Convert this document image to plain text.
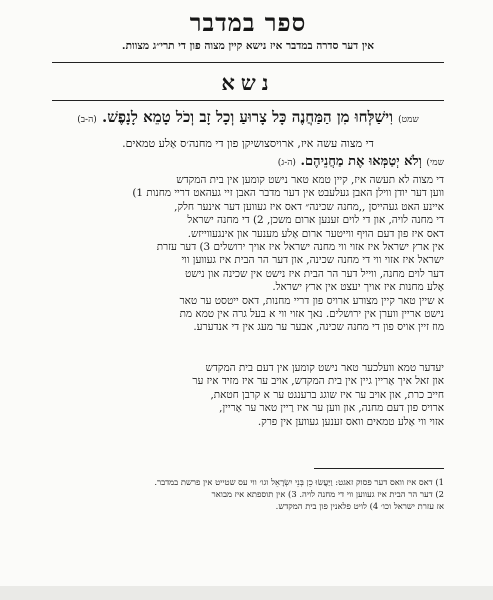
ספר במדבר
אין דער סדרה במדבר איז נישא קיין מצוה פון די תרי״ג מצוות.
נשא
שמט) וִישַׁלְּחוּ מִן הַמַּחֲנֶה כָּל צָרוּעַ וְכָל זָב וְכֹל טָמֵא לָנָפֶשׁ. (ה-ב)
די מצוה עשה איז, ארויסצושיקן פון די מחנה׳ס אַלע טמאים.
שמי) וְלֹא יְטַמְּאוּ אֶת מַחֲנֵיהֶם. (ה-ג)
די מצוה לא תעשה איז, קיין טמא טאר נישט קומען אין בית המקדש
ווען דער יודן ווילן האבן געלעבט אין דער מדבר האבן זיי געהאט דריי מחנות 1)
איינע האט געהייסן ,,מחנה שכינה״ דאס איז געווען דער אינער חלק,
די מחנה לויה, און די לוים זענען ארום משכן, 2) די מחנה ישראל
דאס איז פון דעם הויף ווייטער ארום אַלע מענער און אינגעווייזש.
אין ארץ ישראל איז אזוי ווי מחנה ישראל איז אויך ירושלים 3) דער עזרת
ישראל איז אזוי ווי די מחנה שכינה, און דער הר הבית איז געווען ווי
דער לוים מחנה, ווייל דער הר הבית איז נישט אין שכינה און נישט
אַלע מחנות איז אויך יעצט אין ארץ ישראל.
א שיין טאר קיין מצורע ארויס פון דריי מחנות, דאס ייטסט ער טאר
נישט אריין ווערן אין ירושלים. נאך אזוי ווי א בעל גרה אין טמא מת
מוז זיין אויס פון די מחנה שכינה, אבער ער מעג אין די אנדערע.
יעדער טמא וועלכער טאר נישט קומען אין דעם בית המקדש
און זאל איך אַריין גיין אין בית המקדש, אויב ער איז מזיד איז ער
חייב כרת, און אויב ער איז שוגג ברענגט ער א קרבן חטאת,
ארויס פון דעם מחנה, און ווען ער איז רַיין טאר ער אַריין,
אזוי ווי אַלע טמאים וואס זענען געווען אין פרק.
1) דאס איז וואס דער פסוק זאגט: וַיַּעֲשׂוּ כֵן בְּנֵי יִשְׂרָאֵל וגו׳ ווי עס שטייט אין פרשת במדבר.
2) דער הר הבית איז געווען ווי די מחנה לויה. 3) אין תוספתא איז מבואר
אז עזרת ישראל וכו׳ 4) לויט פלאנין פון בית המקדש.
